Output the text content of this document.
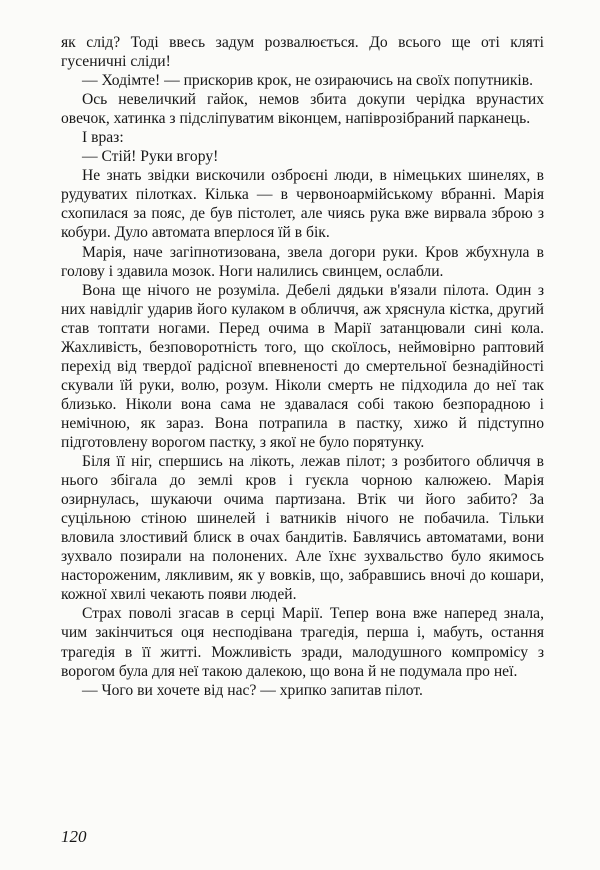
як слід? Тоді ввесь задум розвалюється. До всього ще оті кляті гусеничні сліди!

— Ходімте! — прискорив крок, не озираючись на своїх попутників.

Ось невеличкий гайок, немов збита докупи черідка врунастих овечок, хатинка з підсліпуватим віконцем, напіврозібраний парканець.

І враз:

— Стій! Руки вгору!

Не знать звідки вискочили озброєні люди, в німецьких шинелях, в рудуватих пілотках. Кілька — в червоноармійському вбранні. Марія схопилася за пояс, де був пістолет, але чиясь рука вже вирвала зброю з кобури. Дуло автомата вперлося їй в бік.

Марія, наче загіпнотизована, звела догори руки. Кров жбухнула в голову і здавила мозок. Ноги налились свинцем, ослабли.

Вона ще нічого не розуміла. Дебелі дядьки в'язали пілота. Один з них навідліг ударив його кулаком в обличчя, аж хряснула кістка, другий став топтати ногами. Перед очима в Марії затанцювали сині кола. Жахливість, безповоротність того, що скоїлось, неймовірно раптовий перехід від твердої радісної впевненості до смертельної безнадійності скували їй руки, волю, розум. Ніколи смерть не підходила до неї так близько. Ніколи вона сама не здавалася собі такою безпорадною і немічною, як зараз. Вона потрапила в пастку, хижо й підступно підготовлену ворогом пастку, з якої не було порятунку.

Біля її ніг, спершись на лікоть, лежав пілот; з розбитого обличчя в нього збігала до землі кров і гуєкла чорною калюжею. Марія озирнулась, шукаючи очима партизана. Втік чи його забито? За суцільною стіною шинелей і ватників нічого не побачила. Тільки вловила злостивий блиск в очах бандитів. Бавлячись автоматами, вони зухвало позирали на полонених. Але їхнє зухвальство було якимось настороженим, лякливим, як у вовків, що, забравшись вночі до кошари, кожної хвилі чекають появи людей.

Страх поволі згасав в серці Марії. Тепер вона вже наперед знала, чим закінчиться оця несподівана трагедія, перша і, мабуть, остання трагедія в її житті. Можливість зради, малодушного компромісу з ворогом була для неї такою далекою, що вона й не подумала про неї.

— Чого ви хочете від нас? — хрипко запитав пілот.

120
